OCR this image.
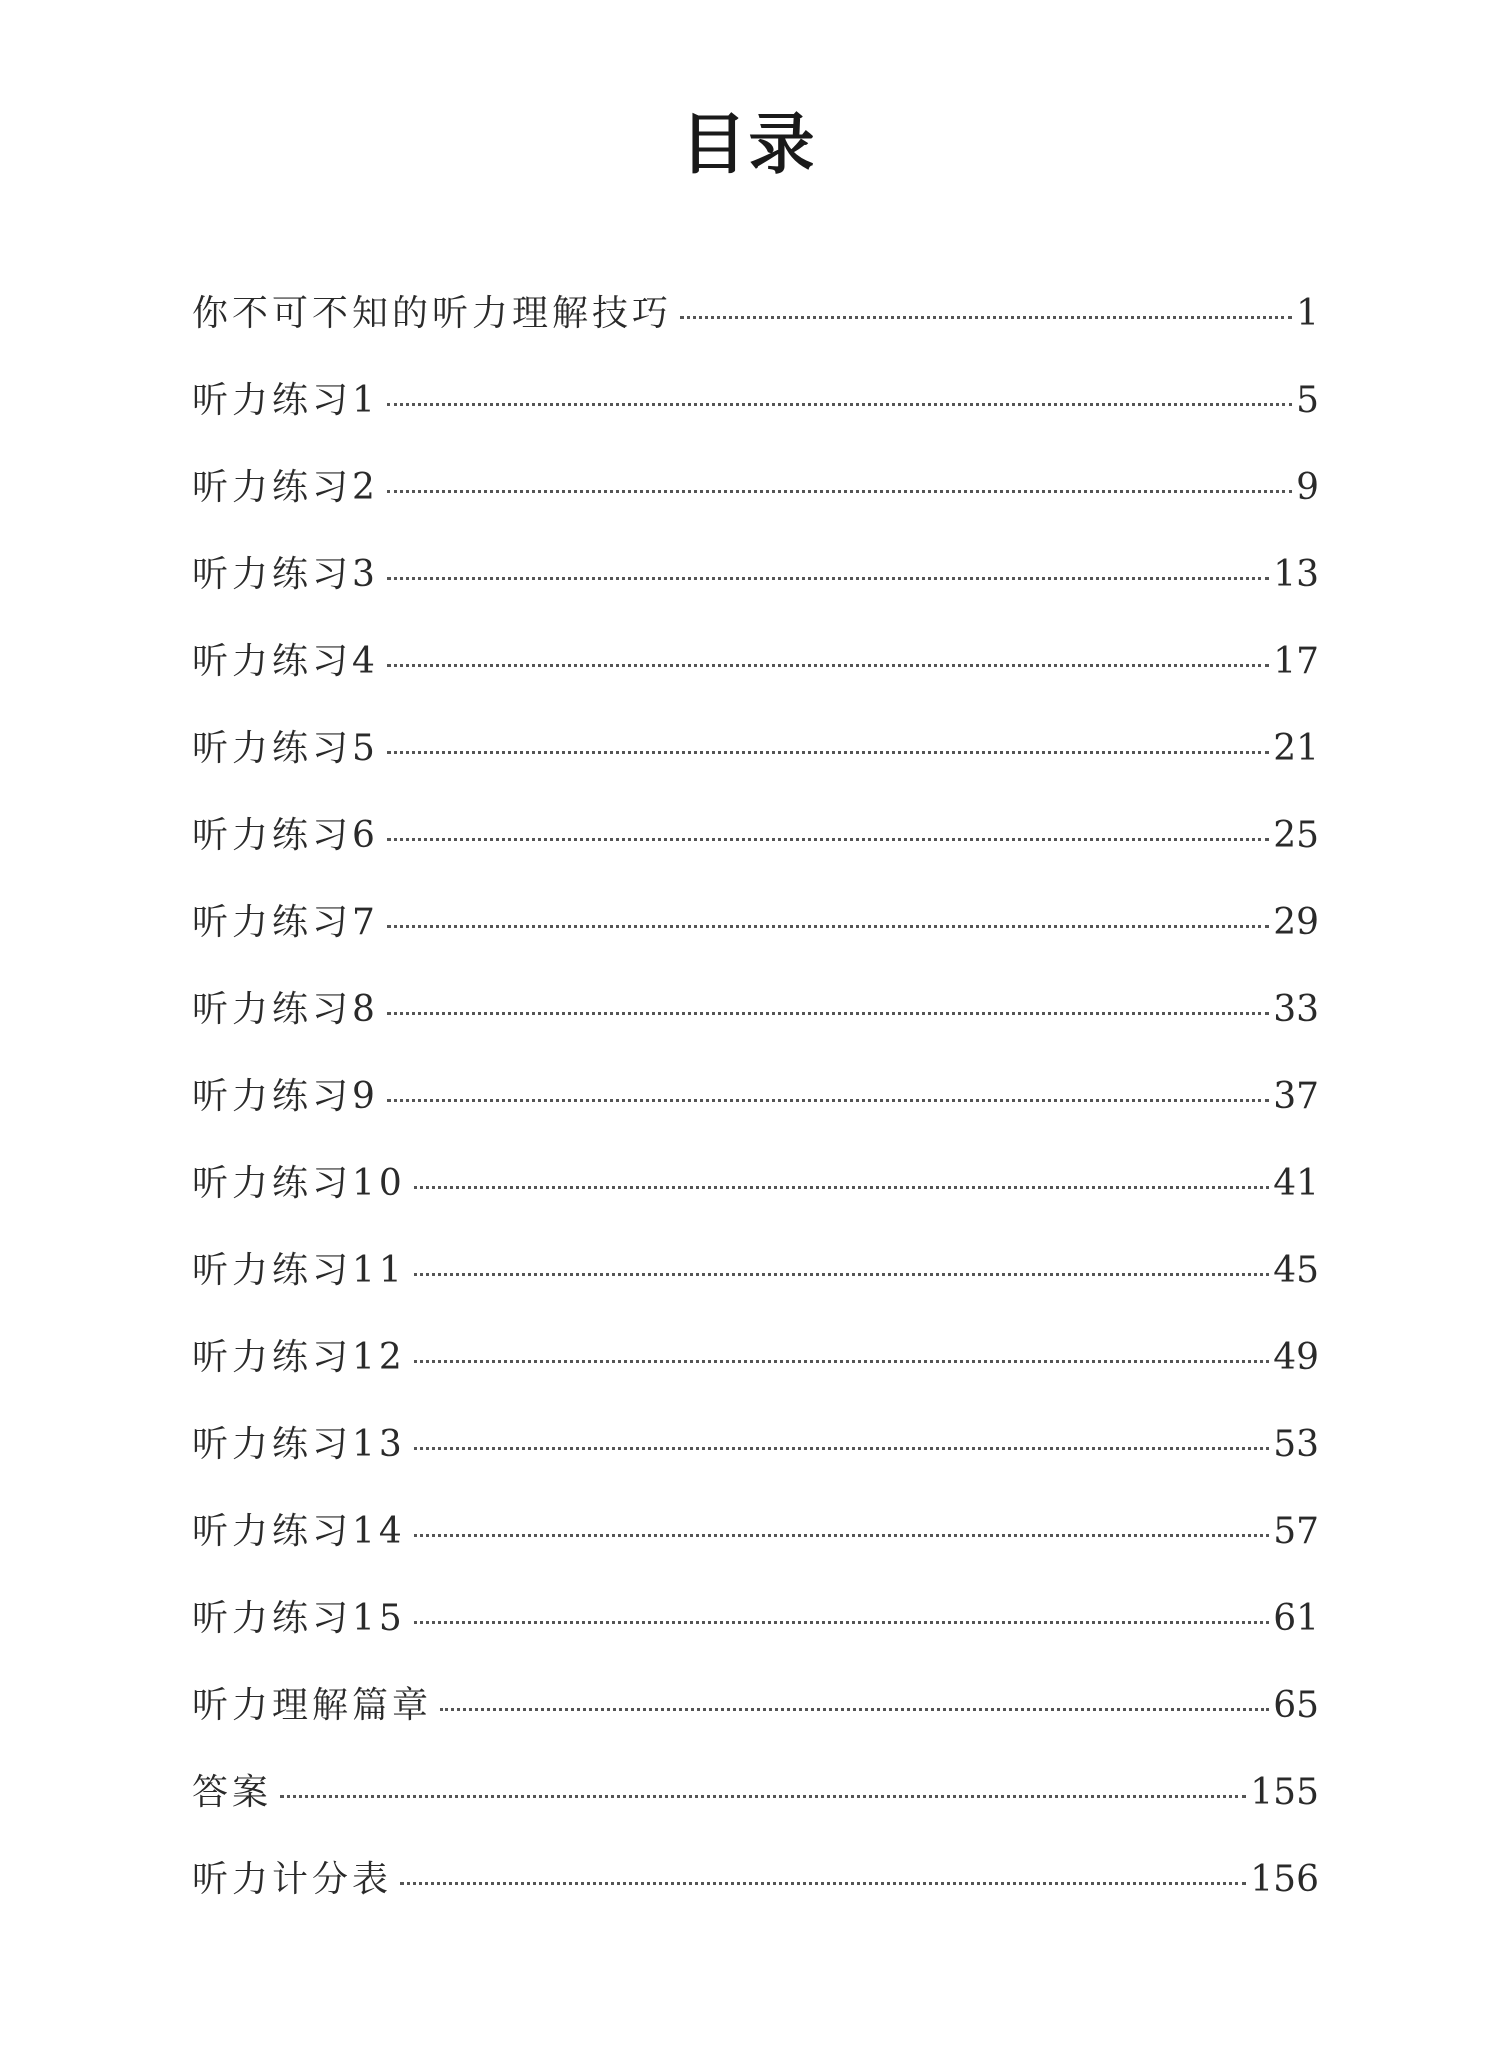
目录
你不可不知的听力理解技巧	1
听力练习1	5
听力练习2	9
听力练习3	13
听力练习4	17
听力练习5	21
听力练习6	25
听力练习7	29
听力练习8	33
听力练习9	37
听力练习10	41
听力练习11	45
听力练习12	49
听力练习13	53
听力练习14	57
听力练习15	61
听力理解篇章	65
答案	155
听力计分表	156
